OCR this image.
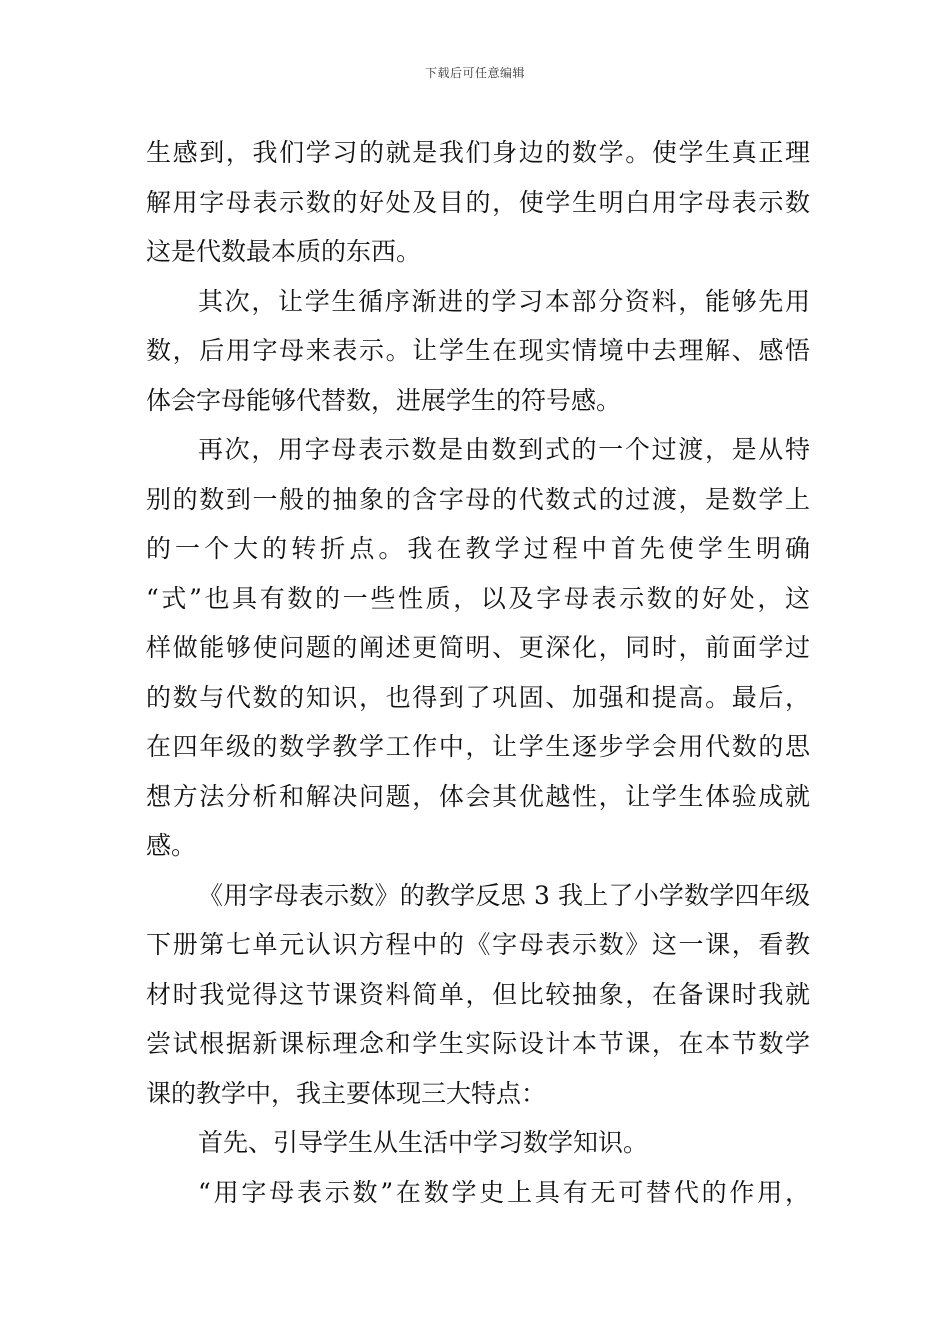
下载后可任意编辑
生感到，我们学习的就是我们身边的数学。使学生真正理
解用字母表示数的好处及目的，使学生明白用字母表示数
这是代数最本质的东西。
其次，让学生循序渐进的学习本部分资料，能够先用
数，后用字母来表示。让学生在现实情境中去理解、感悟
体会字母能够代替数，进展学生的符号感。
再次，用字母表示数是由数到式的一个过渡，是从特
别的数到一般的抽象的含字母的代数式的过渡，是数学上
的一个大的转折点。我在教学过程中首先使学生明确
“式”也具有数的一些性质，以及字母表示数的好处，这
样做能够使问题的阐述更简明、更深化，同时，前面学过
的数与代数的知识，也得到了巩固、加强和提高。最后，
在四年级的数学教学工作中，让学生逐步学会用代数的思
想方法分析和解决问题，体会其优越性，让学生体验成就
感。
《用字母表示数》的教学反思 3 我上了小学数学四年级
下册第七单元认识方程中的《字母表示数》这一课，看教
材时我觉得这节课资料简单，但比较抽象，在备课时我就
尝试根据新课标理念和学生实际设计本节课，在本节数学
课的教学中，我主要体现三大特点：
首先、引导学生从生活中学习数学知识。
“用字母表示数”在数学史上具有无可替代的作用，
